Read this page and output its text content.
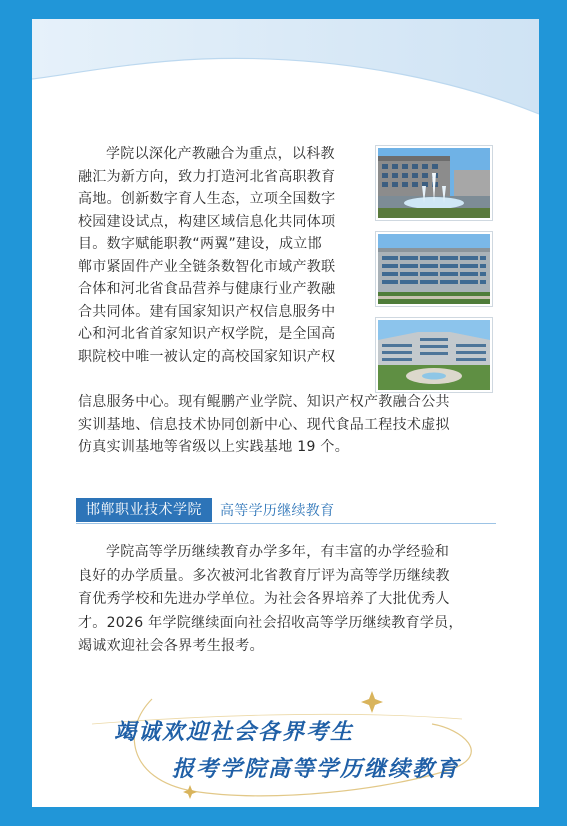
学院以深化产教融合为重点，以科教

融汇为新方向，致力打造河北省高职教育

高地。创新数字育人生态，立项全国数字

校园建设试点，构建区域信息化共同体项

目。数字赋能职教“两翼”建设，成立邯

郸市紧固件产业全链条数智化市域产教联

合体和河北省食品营养与健康行业产教融

合共同体。建有国家知识产权信息服务中

心和河北省首家知识产权学院，是全国高

职院校中唯一被认定的高校国家知识产权

信息服务中心。现有鲲鹏产业学院、知识产权产教融合公共

实训基地、信息技术协同创新中心、现代食品工程技术虚拟

仿真实训基地等省级以上实践基地 19 个。

邯郸职业技术学院	高等学历继续教育

学院高等学历继续教育办学多年，有丰富的办学经验和

良好的办学质量。多次被河北省教育厅评为高等学历继续教

育优秀学校和先进办学单位。为社会各界培养了大批优秀人

才。2026 年学院继续面向社会招收高等学历继续教育学员，

竭诚欢迎社会各界考生报考。

竭诚欢迎社会各界考生
报考学院高等学历继续教育
